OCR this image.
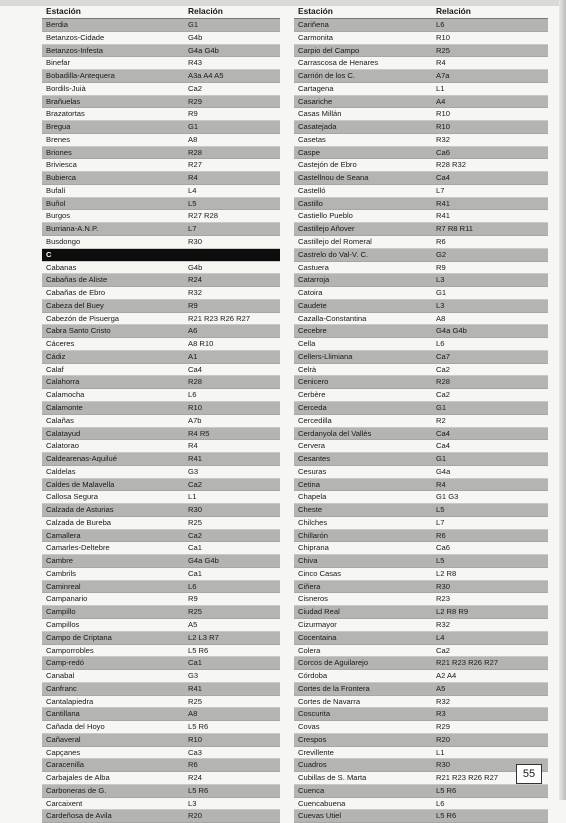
Estación	Relación
Berdia	G1
Betanzos-Cidade	G4b
Betanzos-Infesta	G4a G4b
Binefar	R43
Bobadilla-Antequera	A3a A4 A5
Bordils-Juià	Ca2
Brañuelas	R29
Brazatortas	R9
Bregua	G1
Brenes	A8
Briones	R28
Briviesca	R27
Bubierca	R4
Bufalí	L4
Buñol	L5
Burgos	R27 R28
Burriana-A.N.P.	L7
Busdongo	R30
C
Cabanas	G4b
Cabañas de Aliste	R24
Cabañas de Ebro	R32
Cabeza del Buey	R9
Cabezón de Pisuerga	R21 R23 R26 R27
Cabra Santo Cristo	A6
Cáceres	A8 R10
Cádiz	A1
Calaf	Ca4
Calahorra	R28
Calamocha	L6
Calamonte	R10
Calañas	A7b
Calatayud	R4 R5
Calatorao	R4
Caldearenas-Aquilué	R41
Caldelas	G3
Caldes de Malavella	Ca2
Callosa Segura	L1
Calzada de Asturias	R30
Calzada de Bureba	R25
Camallera	Ca2
Camarles-Deltebre	Ca1
Cambre	G4a G4b
Cambrils	Ca1
Caminreal	L6
Campanario	R9
Campillo	R25
Campillos	A5
Campo de Criptana	L2 L3 R7
Camporrobles	L5 R6
Camp-redó	Ca1
Canabal	G3
Canfranc	R41
Cantalapiedra	R25
Cantillana	A8
Cañada del Hoyo	L5 R6
Cañaveral	R10
Capçanes	Ca3
Caracenilla	R6
Carbajales de Alba	R24
Carboneras de G.	L5 R6
Carcaixent	L3
Cardeñosa de Avila	R20
Estación	Relación
Cariñena	L6
Carmonita	R10
Carpio del Campo	R25
Carrascosa de Henares	R4
Carrión de los C.	A7a
Cartagena	L1
Casariche	A4
Casas Millán	R10
Casatejada	R10
Casetas	R32
Caspe	Ca6
Castejón de Ebro	R28 R32
Castellnou de Seana	Ca4
Castelló	L7
Castillo	R41
Castiello Pueblo	R41
Castillejo Añover	R7 R8 R11
Castillejo del Romeral	R6
Castrelo do Val-V. C.	G2
Castuera	R9
Catarroja	L3
Catoira	G1
Caudete	L3
Cazalla-Constantina	A8
Cecebre	G4a G4b
Cella	L6
Cellers-Llimiana	Ca7
Celrà	Ca2
Cenicero	R28
Cerbère	Ca2
Cerceda	G1
Cercedilla	R2
Cerdanyola del Vallès	Ca4
Cervera	Ca4
Cesantes	G1
Cesuras	G4a
Cetina	R4
Chapela	G1 G3
Cheste	L5
Chilches	L7
Chillarón	R6
Chiprana	Ca6
Chiva	L5
Cinco Casas	L2 R8
Ciñera	R30
Cisneros	R23
Ciudad Real	L2 R8 R9
Cizurmayor	R32
Cocentaina	L4
Colera	Ca2
Corcos de Aguilarejo	R21 R23 R26 R27
Córdoba	A2 A4
Cortes de la Frontera	A5
Cortes de Navarra	R32
Coscurita	R3
Covas	R29
Crespos	R20
Crevillente	L1
Cuadros	R30
Cubillas de S. Marta	R21 R23 R26 R27
Cuenca	L5 R6
Cuencabuena	L6
Cuevas Utiel	L5 R6
55
